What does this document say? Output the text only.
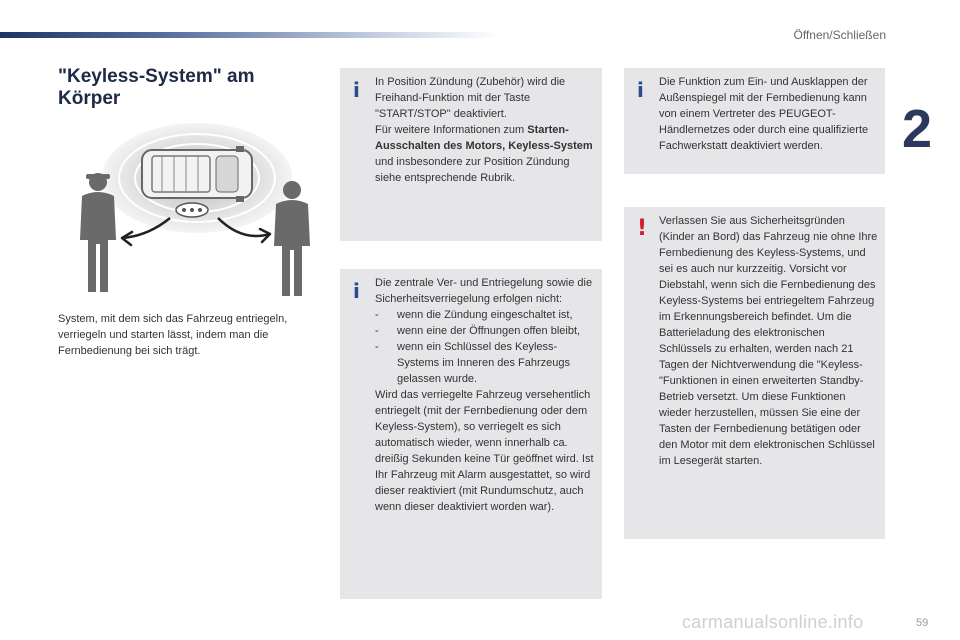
Öffnen/Schließen
2
"Keyless-System" am Körper
System, mit dem sich das Fahrzeug entriegeln, verriegeln und starten lässt, indem man die Fernbedienung bei sich trägt.
i In Position Zündung (Zubehör) wird die Freihand-Funktion mit der Taste "START/STOP" deaktiviert.
Für weitere Informationen zum Starten-Ausschalten des Motors, Keyless-System und insbesondere zur Position Zündung siehe entsprechende Rubrik.

i Die zentrale Ver- und Entriegelung sowie die Sicherheitsverriegelung erfolgen nicht:

- wenn die Zündung eingeschaltet ist,
- wenn eine der Öffnungen offen bleibt,
- wenn ein Schlüssel des Keyless-Systems im Inneren des Fahrzeugs gelassen wurde.

Wird das verriegelte Fahrzeug versehentlich entriegelt (mit der Fernbedienung oder dem Keyless-System), so verriegelt es sich automatisch wieder, wenn innerhalb ca. dreißig Sekunden keine Tür geöffnet wird. Ist Ihr Fahrzeug mit Alarm ausgestattet, so wird dieser reaktiviert (mit Rundumschutz, auch wenn dieser deaktiviert worden war).

i Die Funktion zum Ein- und Ausklappen der Außenspiegel mit der Fernbedienung kann von einem Vertreter des PEUGEOT-Händlernetzes oder durch eine qualifizierte Fachwerkstatt deaktiviert werden.

! Verlassen Sie aus Sicherheitsgründen (Kinder an Bord) das Fahrzeug nie ohne Ihre Fernbedienung des Keyless-Systems, und sei es auch nur kurzzeitig. Vorsicht vor Diebstahl, wenn sich die Fernbedienung des Keyless-Systems bei entriegeltem Fahrzeug im Erkennungsbereich befindet. Um die Batterieladung des elektronischen Schlüssels zu erhalten, werden nach 21 Tagen der Nichtverwendung die "Keyless-"Funktionen in einen erweiterten Standby-Betrieb versetzt. Um diese Funktionen wieder herzustellen, müssen Sie eine der Tasten der Fernbedienung betätigen oder den Motor mit dem elektronischen Schlüssel im Lesegerät starten.

carmanualsonline.info	59
